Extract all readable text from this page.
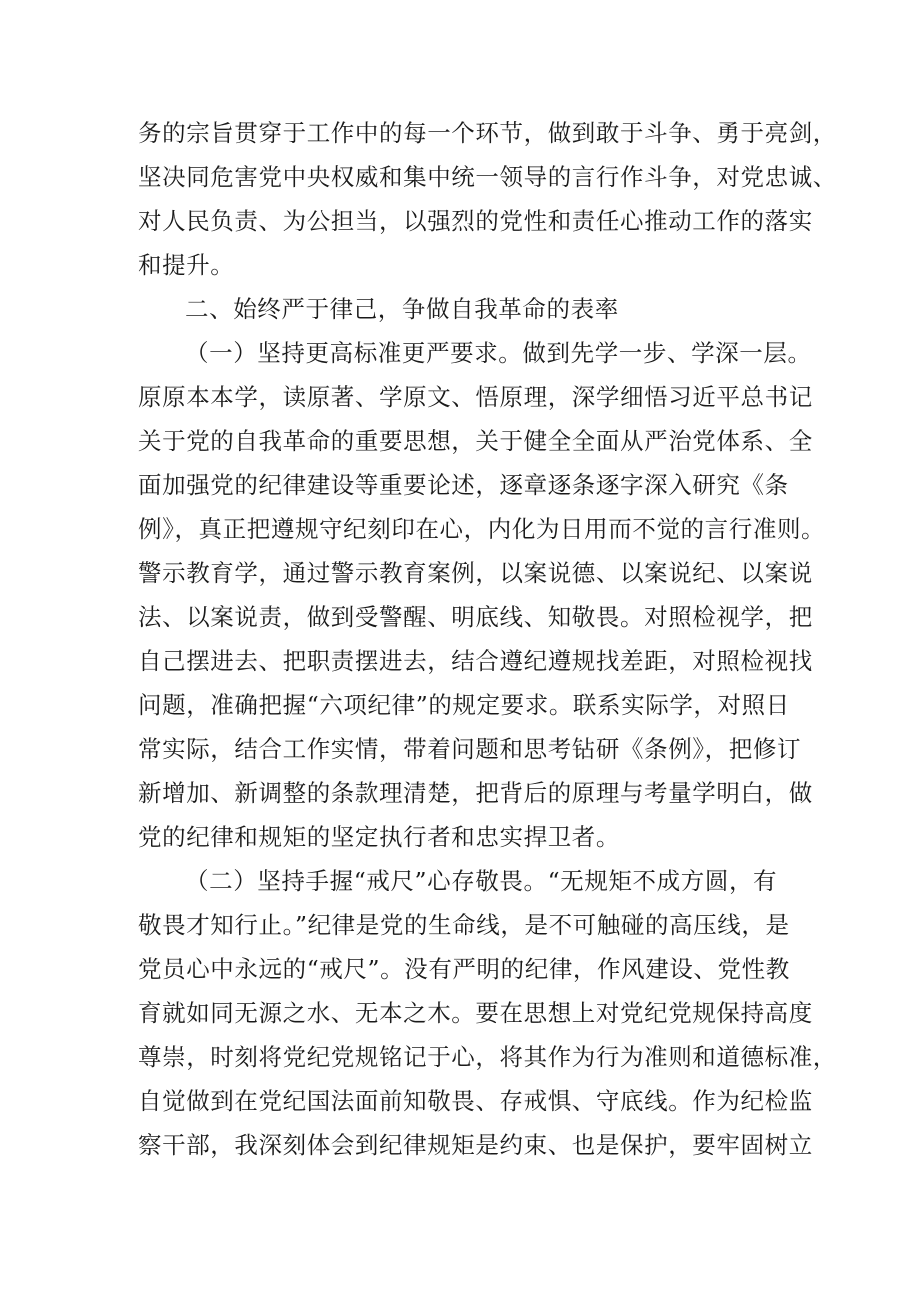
务的宗旨贯穿于工作中的每一个环节，做到敢于斗争、勇于亮剑，
坚决同危害党中央权威和集中统一领导的言行作斗争，对党忠诚、
对人民负责、为公担当，以强烈的党性和责任心推动工作的落实
和提升。
二、始终严于律己，争做自我革命的表率
（一）坚持更高标准更严要求。做到先学一步、学深一层。
原原本本学，读原著、学原文、悟原理，深学细悟习近平总书记
关于党的自我革命的重要思想，关于健全全面从严治党体系、全
面加强党的纪律建设等重要论述，逐章逐条逐字深入研究《条
例》，真正把遵规守纪刻印在心，内化为日用而不觉的言行准则。
警示教育学，通过警示教育案例，以案说德、以案说纪、以案说
法、以案说责，做到受警醒、明底线、知敬畏。对照检视学，把
自己摆进去、把职责摆进去，结合遵纪遵规找差距，对照检视找
问题，准确把握“六项纪律”的规定要求。联系实际学，对照日
常实际，结合工作实情，带着问题和思考钻研《条例》，把修订
新增加、新调整的条款理清楚，把背后的原理与考量学明白，做
党的纪律和规矩的坚定执行者和忠实捍卫者。
（二）坚持手握“戒尺”心存敬畏。“无规矩不成方圆，有
敬畏才知行止。”纪律是党的生命线，是不可触碰的高压线，是
党员心中永远的“戒尺”。没有严明的纪律，作风建设、党性教
育就如同无源之水、无本之木。要在思想上对党纪党规保持高度
尊崇，时刻将党纪党规铭记于心，将其作为行为准则和道德标准，
自觉做到在党纪国法面前知敬畏、存戒惧、守底线。作为纪检监
察干部，我深刻体会到纪律规矩是约束、也是保护，要牢固树立
